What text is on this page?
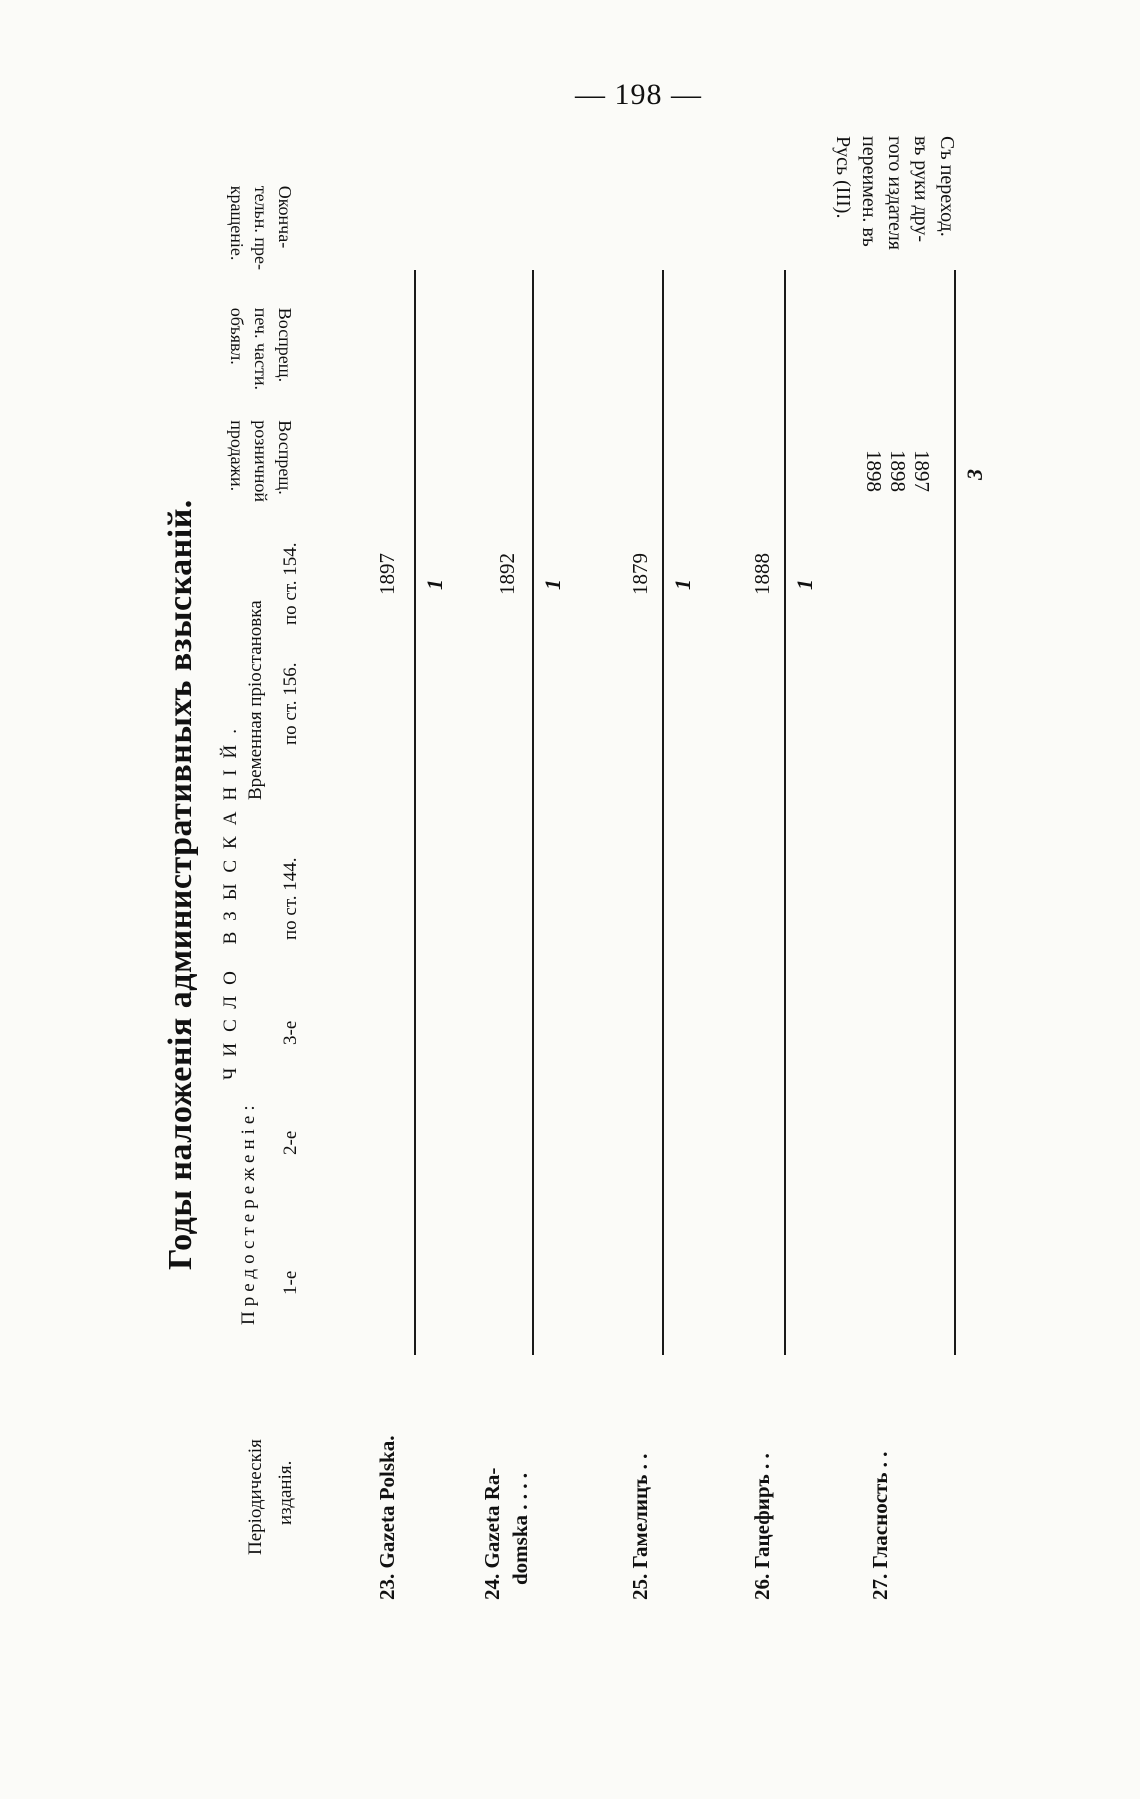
— 198 —
Годы наложенія административныхъ взысканій. ЧИСЛО ВЗЫСКАНІЙ.
Періодическія изданія.
Предостереженіе: 1-е
2-е
3-е
Временная пріостановка
по ст. 144.
по ст. 156.
по ст. 154.
Воспрещ.
розничной
продажи.
Воспрещ.
печ. части.
объявл.
Оконча-
тельн. пре-
кращеніе.
23. Gazeta Polska.
1897 1
24. Gazeta Ra- domska . . . .
1892 1
25. Гамелицъ . .
1879 1
26. Гацефиръ . .
1888 1
27. Гласность . .
1897
1898
1898
Съ переход.
въ руки дру-
гого издателя
переимен. въ
Русь (III).
3
